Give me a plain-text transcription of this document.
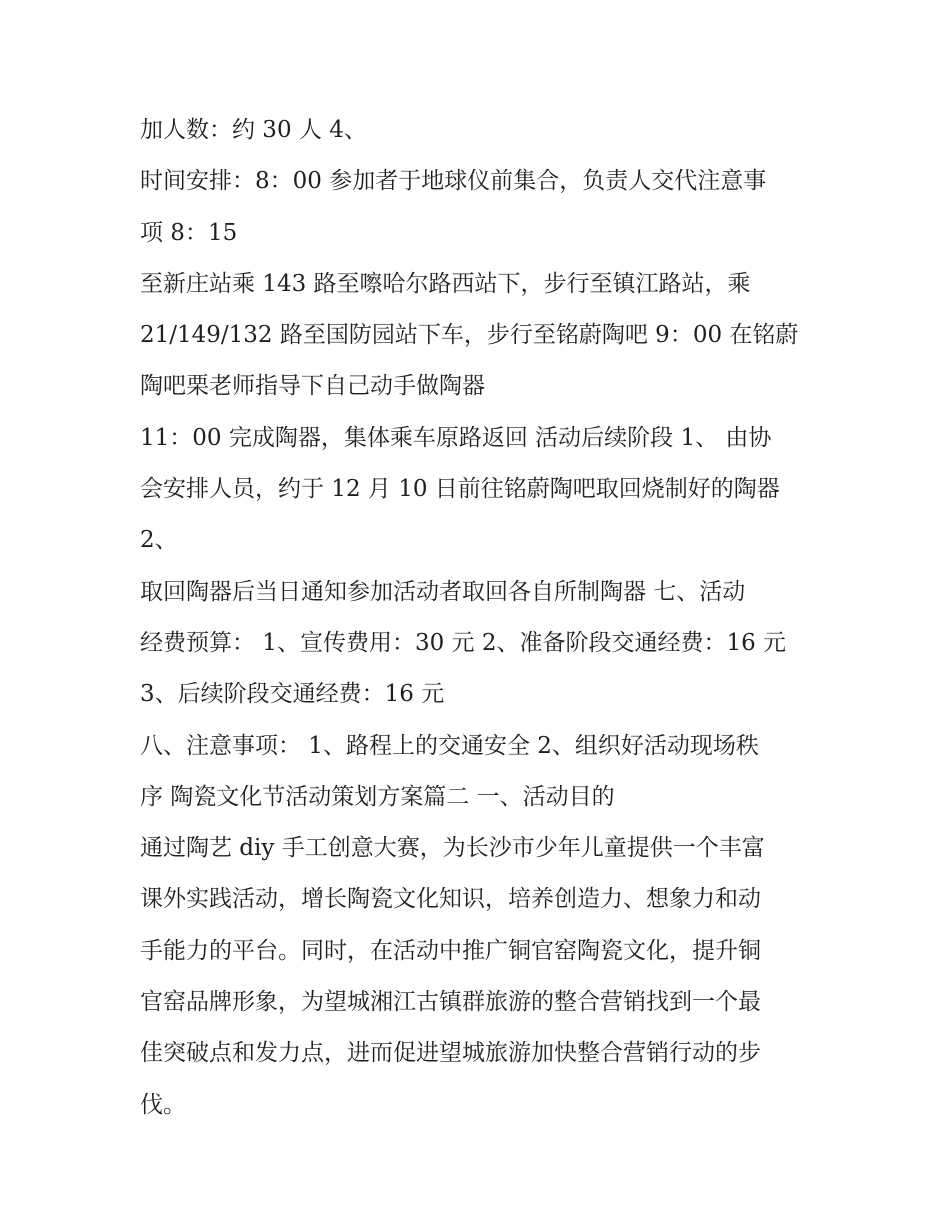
加人数：约 30 人 4、
时间安排：8：00 参加者于地球仪前集合，负责人交代注意事
项 8：15
至新庄站乘 143 路至嚓哈尔路西站下，步行至镇江路站，乘
21/149/132 路至国防园站下车，步行至铭蔚陶吧 9：00 在铭蔚
陶吧栗老师指导下自己动手做陶器
11：00 完成陶器，集体乘车原路返回 活动后续阶段 1、 由协
会安排人员，约于 12 月 10 日前往铭蔚陶吧取回烧制好的陶器
2、
取回陶器后当日通知参加活动者取回各自所制陶器 七、活动
经费预算： 1、宣传费用：30 元 2、准备阶段交通经费：16 元
3、后续阶段交通经费：16 元
八、注意事项： 1、路程上的交通安全 2、组织好活动现场秩
序 陶瓷文化节活动策划方案篇二 一、活动目的
通过陶艺 diy 手工创意大赛，为长沙市少年儿童提供一个丰富
课外实践活动，增长陶瓷文化知识，培养创造力、想象力和动
手能力的平台。同时，在活动中推广铜官窑陶瓷文化，提升铜
官窑品牌形象，为望城湘江古镇群旅游的整合营销找到一个最
佳突破点和发力点，进而促进望城旅游加快整合营销行动的步
伐。
